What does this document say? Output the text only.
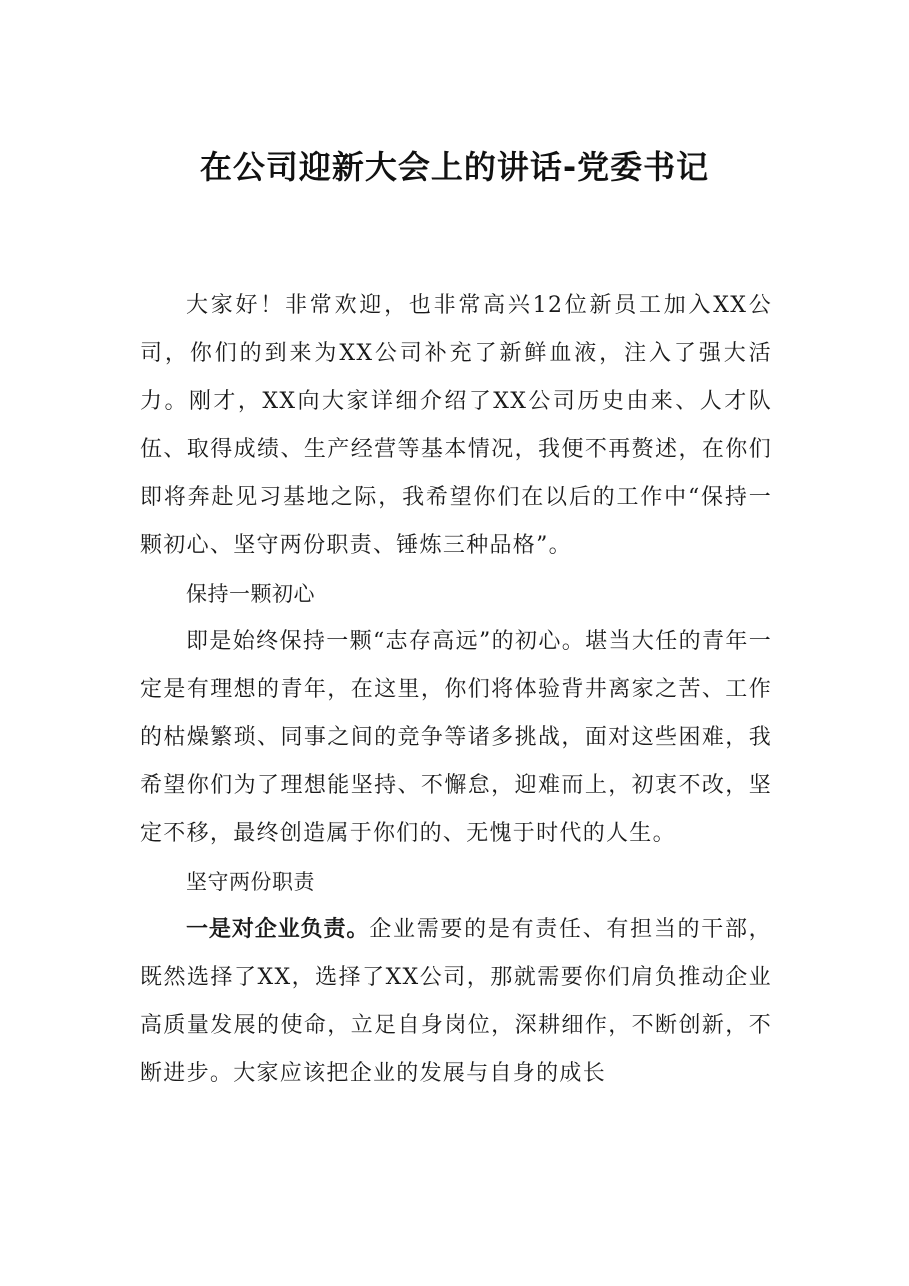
在公司迎新大会上的讲话-党委书记

大家好！非常欢迎，也非常高兴12位新员工加入XX公司，你们的到来为XX公司补充了新鲜血液，注入了强大活力。刚才，XX向大家详细介绍了XX公司历史由来、人才队伍、取得成绩、生产经营等基本情况，我便不再赘述，在你们即将奔赴见习基地之际，我希望你们在以后的工作中“保持一颗初心、坚守两份职责、锤炼三种品格”。

保持一颗初心

即是始终保持一颗“志存高远”的初心。堪当大任的青年一定是有理想的青年，在这里，你们将体验背井离家之苦、工作的枯燥繁琐、同事之间的竞争等诸多挑战，面对这些困难，我希望你们为了理想能坚持、不懈怠，迎难而上，初衷不改，坚定不移，最终创造属于你们的、无愧于时代的人生。

坚守两份职责

一是对企业负责。企业需要的是有责任、有担当的干部，既然选择了XX，选择了XX公司，那就需要你们肩负推动企业高质量发展的使命，立足自身岗位，深耕细作，不断创新，不断进步。大家应该把企业的发展与自身的成长
